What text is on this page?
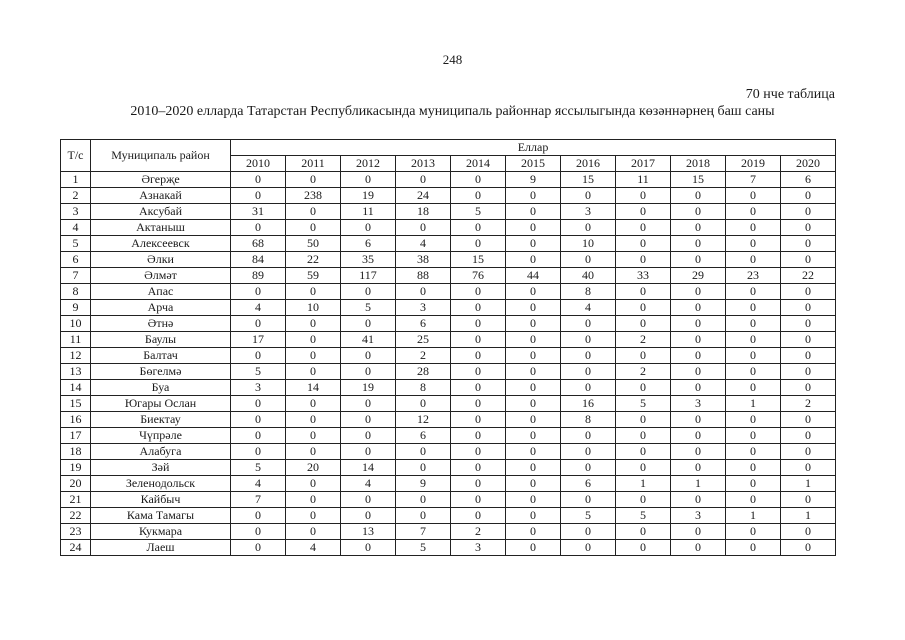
248
70 нче таблица
2010–2020 елларда Татарстан Республикасында муниципаль районнар яссылыгында көзәннәрнең баш саны
Т/с	Муниципаль район	Еллар										
		2010	2011	2012	2013	2014	2015	2016	2017	2018	2019	2020
1	Әгерҗе	0	0	0	0	0	9	15	11	15	7	6
2	Азнакай	0	238	19	24	0	0	0	0	0	0	0
3	Аксубай	31	0	11	18	5	0	3	0	0	0	0
4	Актаныш	0	0	0	0	0	0	0	0	0	0	0
5	Алексеевск	68	50	6	4	0	0	10	0	0	0	0
6	Әлки	84	22	35	38	15	0	0	0	0	0	0
7	Әлмәт	89	59	117	88	76	44	40	33	29	23	22
8	Апас	0	0	0	0	0	0	8	0	0	0	0
9	Арча	4	10	5	3	0	0	4	0	0	0	0
10	Әтнә	0	0	0	6	0	0	0	0	0	0	0
11	Баулы	17	0	41	25	0	0	0	2	0	0	0
12	Балтач	0	0	0	2	0	0	0	0	0	0	0
13	Бөгелмә	5	0	0	28	0	0	0	2	0	0	0
14	Буа	3	14	19	8	0	0	0	0	0	0	0
15	Югары Ослан	0	0	0	0	0	0	16	5	3	1	2
16	Биектау	0	0	0	12	0	0	8	0	0	0	0
17	Чүпрәле	0	0	0	6	0	0	0	0	0	0	0
18	Алабуга	0	0	0	0	0	0	0	0	0	0	0
19	Зәй	5	20	14	0	0	0	0	0	0	0	0
20	Зеленодольск	4	0	4	9	0	0	6	1	1	0	1
21	Кайбыч	7	0	0	0	0	0	0	0	0	0	0
22	Кама Тамагы	0	0	0	0	0	0	5	5	3	1	1
23	Кукмара	0	0	13	7	2	0	0	0	0	0	0
24	Лаеш	0	4	0	5	3	0	0	0	0	0	0
